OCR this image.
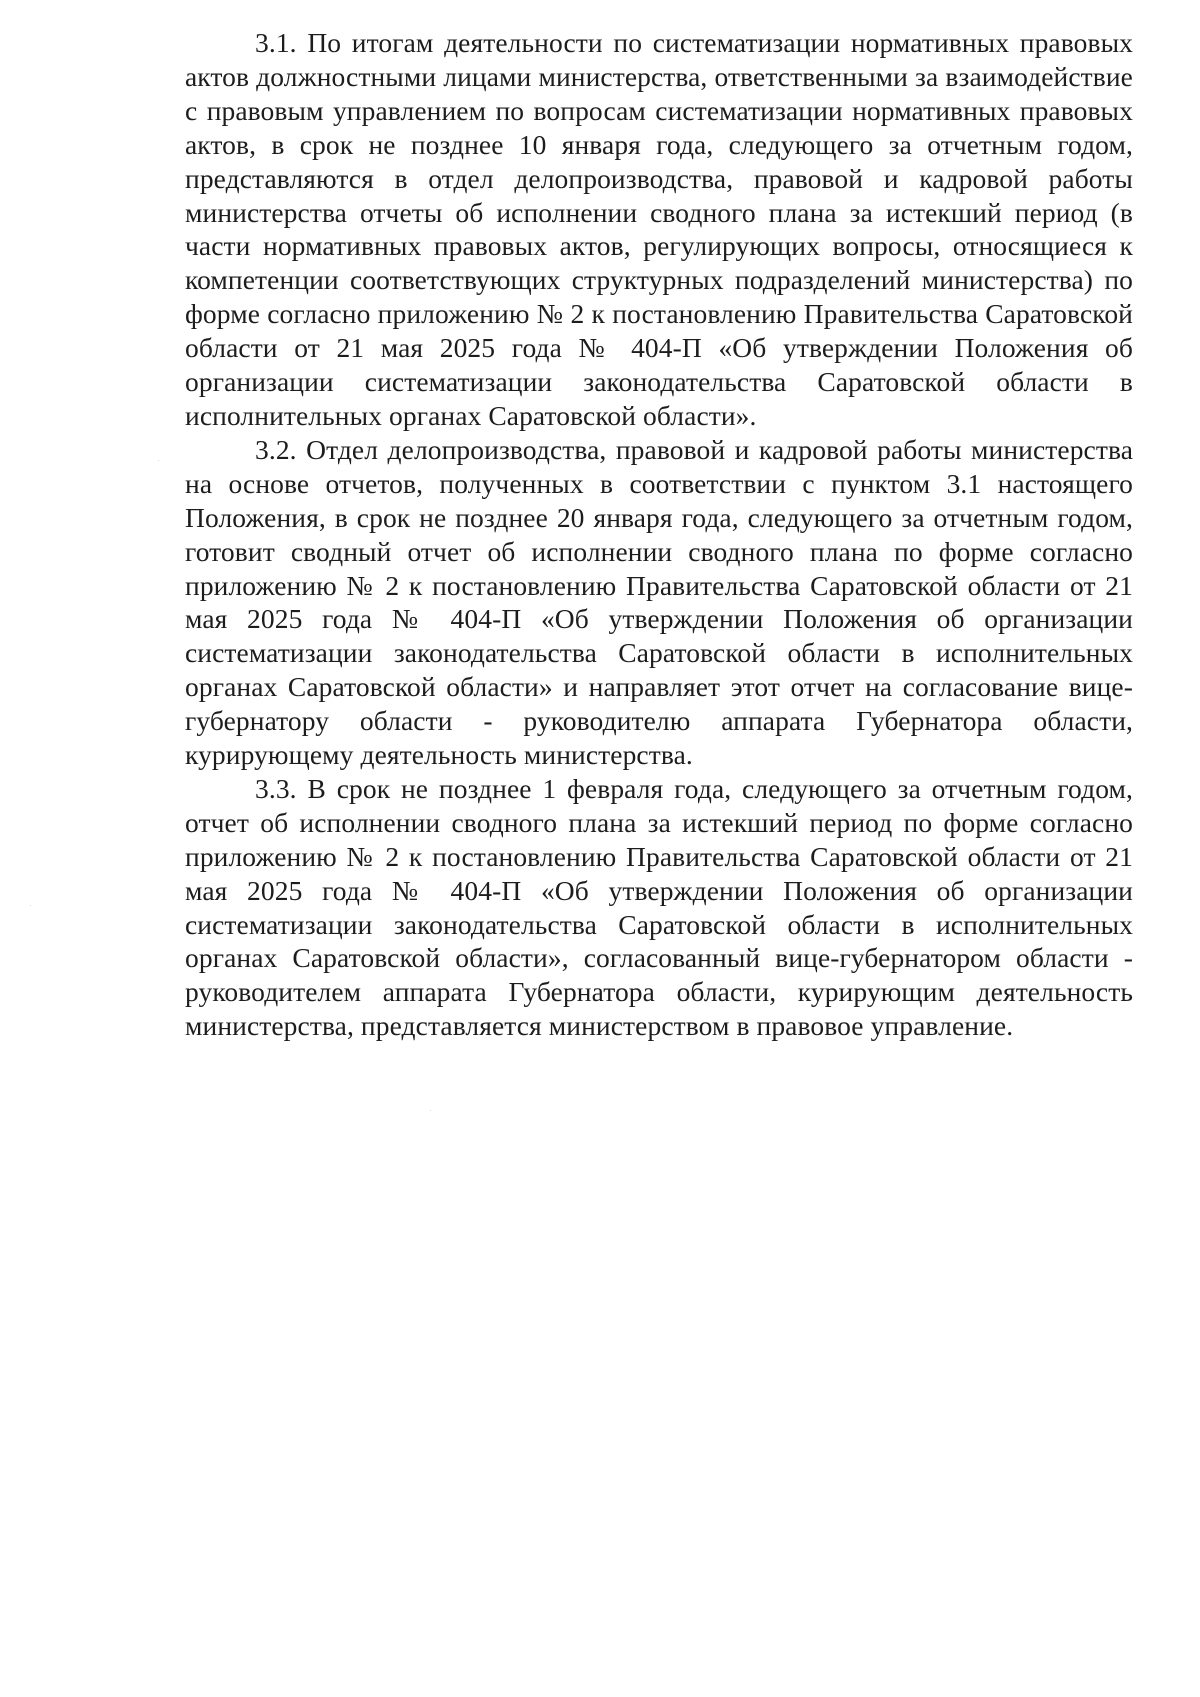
3.1. По итогам деятельности по систематизации нормативных правовых актов должностными лицами министерства, ответственными за взаимодействие с правовым управлением по вопросам систематизации нормативных правовых актов, в срок не позднее 10 января года, следующего за отчетным годом, представляются в отдел делопроизводства, правовой и кадровой работы министерства отчеты об исполнении сводного плана за истекший период (в части нормативных правовых актов, регулирующих вопросы, относящиеся к компетенции соответствующих структурных подразделений министерства) по форме согласно приложению № 2 к постановлению Правительства Саратовской области от 21 мая 2025 года № 404-П «Об утверждении Положения об организации систематизации законодательства Саратовской области в исполнительных органах Саратовской области».

3.2. Отдел делопроизводства, правовой и кадровой работы министерства на основе отчетов, полученных в соответствии с пунктом 3.1 настоящего Положения, в срок не позднее 20 января года, следующего за отчетным годом, готовит сводный отчет об исполнении сводного плана по форме согласно приложению № 2 к постановлению Правительства Саратовской области от 21 мая 2025 года № 404-П «Об утверждении Положения об организации систематизации законодательства Саратовской области в исполнительных органах Саратовской области» и направляет этот отчет на согласование вице-губернатору области - руководителю аппарата Губернатора области, курирующему деятельность министерства.

3.3. В срок не позднее 1 февраля года, следующего за отчетным годом, отчет об исполнении сводного плана за истекший период по форме согласно приложению № 2 к постановлению Правительства Саратовской области от 21 мая 2025 года № 404-П «Об утверждении Положения об организации систематизации законодательства Саратовской области в исполнительных органах Саратовской области», согласованный вице-губернатором области - руководителем аппарата Губернатора области, курирующим деятельность министерства, представляется министерством в правовое управление.
